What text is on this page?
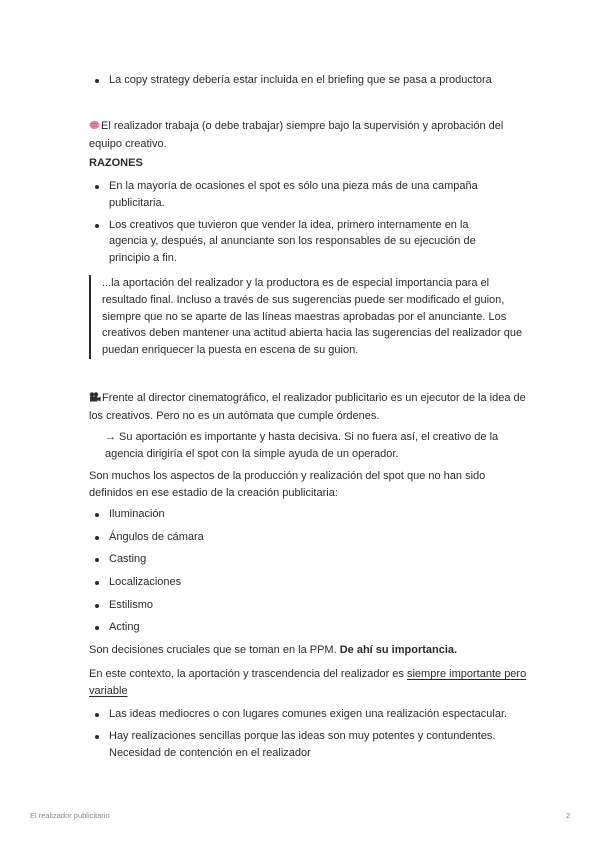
La copy strategy debería estar incluida en el briefing que se pasa a productora

El realizador trabaja (o debe trabajar) siempre bajo la supervisión y aprobación del equipo creativo.

RAZONES

En la mayoría de ocasiones el spot es sólo una pieza más de una campaña publicitaria.
Los creativos que tuvieron que vender la idea, primero internamente en la agencia y, después, al anunciante son los responsables de su ejecución de principio a fin.
...la aportación del realizador y la productora es de especial importancia para el resultado final. Incluso a través de sus sugerencias puede ser modificado el guion, siempre que no se aparte de las líneas maestras aprobadas por el anunciante. Los creativos deben mantener una actitud abierta hacia las sugerencias del realizador que puedan enriquecer la puesta en escena de su guion.

Frente al director cinematográfico, el realizador publicitario es un ejecutor de la idea de los creativos. Pero no es un autómata que cumple órdenes.

→ Su aportación es importante y hasta decisiva. Si no fuera así, el creativo de la agencia dirigiría el spot con la simple ayuda de un operador.

Son muchos los aspectos de la producción y realización del spot que no han sido definidos en ese estadio de la creación publicitaria:

Iluminación
Ángulos de cámara
Casting
Localizaciones
Estilismo
Acting

Son decisiones cruciales que se toman en la PPM. De ahí su importancia.

En este contexto, la aportación y trascendencia del realizador es siempre importante pero variable

Las ideas mediocres o con lugares comunes exigen una realización espectacular.
Hay realizaciones sencillas porque las ideas son muy potentes y contundentes. Necesidad de contención en el realizador
El realizador publicitario	2
